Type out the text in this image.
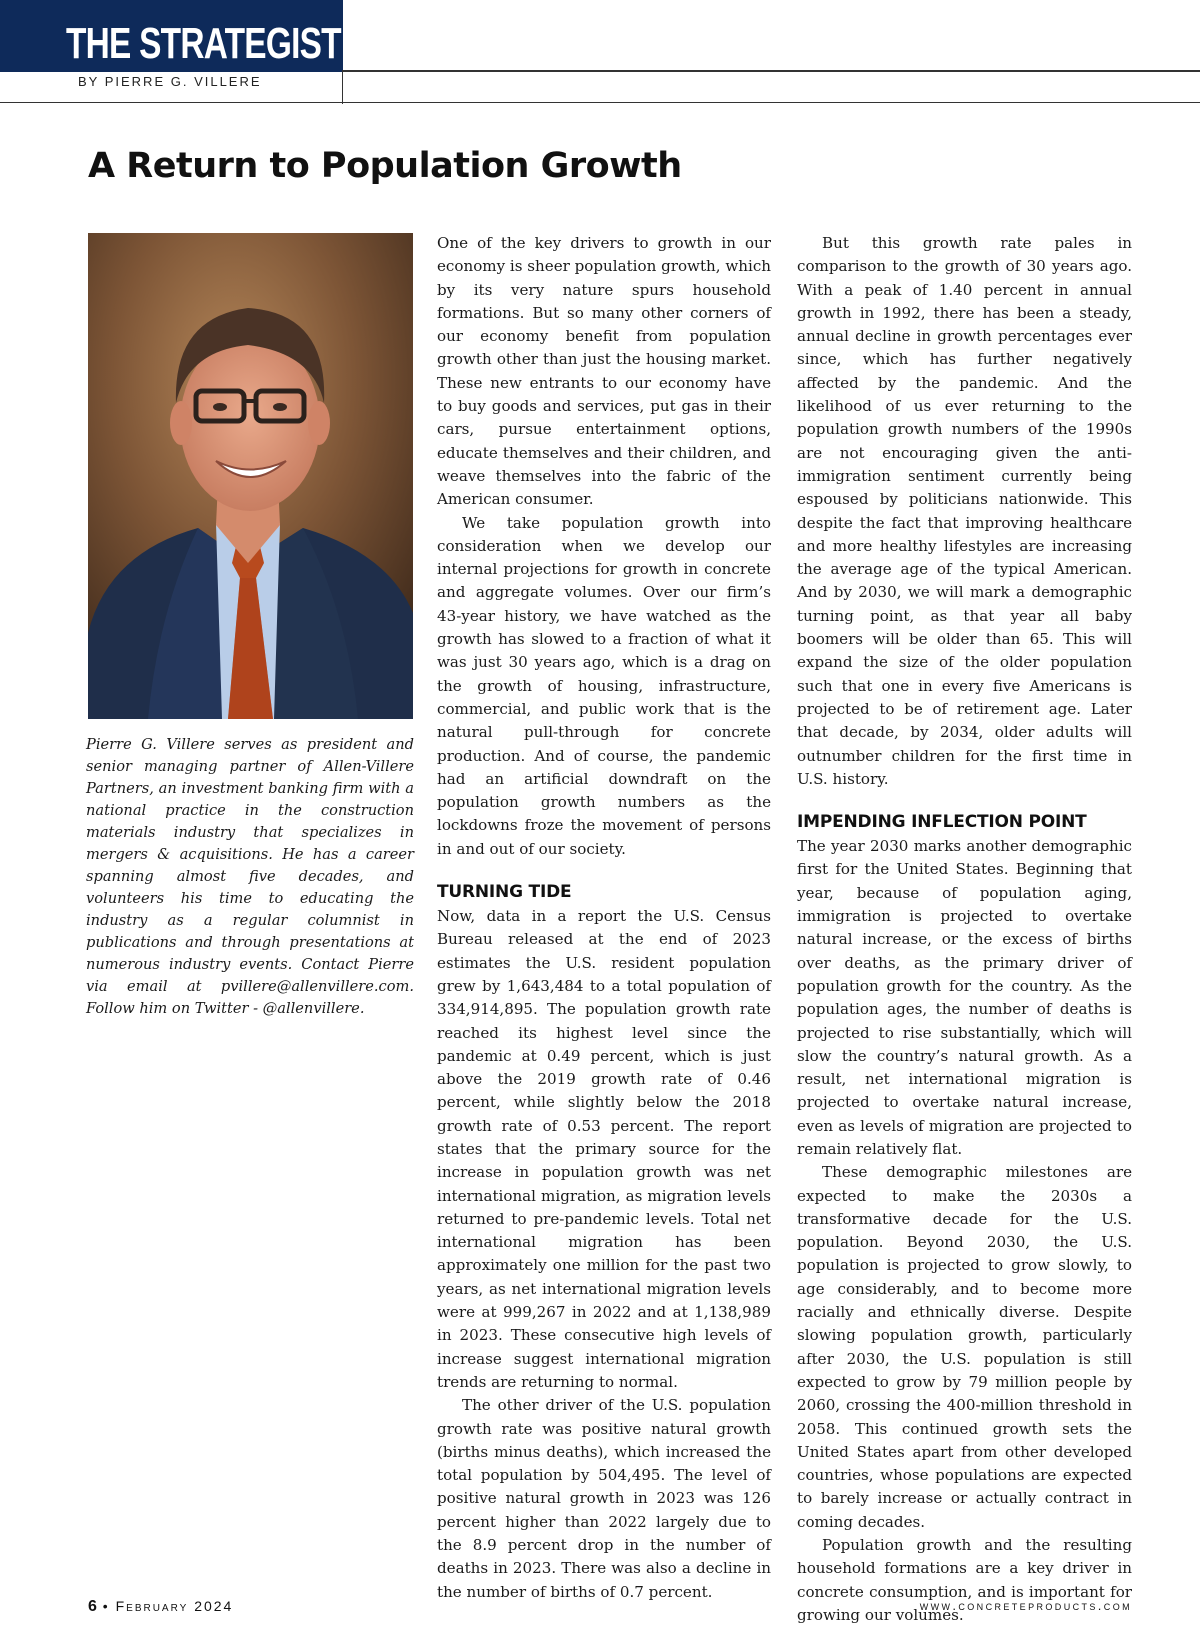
THE STRATEGIST
BY PIERRE G. VILLERE
A Return to Population Growth

Pierre G. Villere serves as president and senior managing partner of Allen-Villere Partners, an investment banking firm with a national practice in the construction materials industry that specializes in mergers & acquisitions. He has a career spanning almost five decades, and volunteers his time to educating the industry as a regular columnist in publications and through presentations at numerous industry events. Contact Pierre via email at pvillere@allenvillere.com. Follow him on Twitter - @allenvillere.

One of the key drivers to growth in our economy is sheer population growth, which by its very nature spurs household formations. But so many other corners of our economy benefit from population growth other than just the housing market. These new entrants to our economy have to buy goods and services, put gas in their cars, pursue entertainment options, educate themselves and their children, and weave themselves into the fabric of the American consumer.

We take population growth into consideration when we develop our internal projections for growth in concrete and aggregate volumes. Over our firm’s 43-year history, we have watched as the growth has slowed to a fraction of what it was just 30 years ago, which is a drag on the growth of housing, infrastructure, commercial, and public work that is the natural pull-through for concrete production. And of course, the pandemic had an artificial downdraft on the population growth numbers as the lockdowns froze the movement of persons in and out of our society.

TURNING TIDE

Now, data in a report the U.S. Census Bureau released at the end of 2023 estimates the U.S. resident population grew by 1,643,484 to a total population of 334,914,895. The population growth rate reached its highest level since the pandemic at 0.49 percent, which is just above the 2019 growth rate of 0.46 percent, while slightly below the 2018 growth rate of 0.53 percent. The report states that the primary source for the increase in population growth was net international migration, as migration levels returned to pre-pandemic levels. Total net international migration has been approximately one million for the past two years, as net international migration levels were at 999,267 in 2022 and at 1,138,989 in 2023. These consecutive high levels of increase suggest international migration trends are returning to normal.

The other driver of the U.S. population growth rate was positive natural growth (births minus deaths), which increased the total population by 504,495. The level of positive natural growth in 2023 was 126 percent higher than 2022 largely due to the 8.9 percent drop in the number of deaths in 2023. There was also a decline in the number of births of 0.7 percent.

But this growth rate pales in comparison to the growth of 30 years ago. With a peak of 1.40 percent in annual growth in 1992, there has been a steady, annual decline in growth percentages ever since, which has further negatively affected by the pandemic. And the likelihood of us ever returning to the population growth numbers of the 1990s are not encouraging given the anti-immigration sentiment currently being espoused by politicians nationwide. This despite the fact that improving healthcare and more healthy lifestyles are increasing the average age of the typical American. And by 2030, we will mark a demographic turning point, as that year all baby boomers will be older than 65. This will expand the size of the older population such that one in every five Americans is projected to be of retirement age. Later that decade, by 2034, older adults will outnumber children for the first time in U.S. history.

IMPENDING INFLECTION POINT

The year 2030 marks another demographic first for the United States. Beginning that year, because of population aging, immigration is projected to overtake natural increase, or the excess of births over deaths, as the primary driver of population growth for the country. As the population ages, the number of deaths is projected to rise substantially, which will slow the country’s natural growth. As a result, net international migration is projected to overtake natural increase, even as levels of migration are projected to remain relatively flat.

These demographic milestones are expected to make the 2030s a transformative decade for the U.S. population. Beyond 2030, the U.S. population is projected to grow slowly, to age considerably, and to become more racially and ethnically diverse. Despite slowing population growth, particularly after 2030, the U.S. population is still expected to grow by 79 million people by 2060, crossing the 400-million threshold in 2058. This continued growth sets the United States apart from other developed countries, whose populations are expected to barely increase or actually contract in coming decades.

Population growth and the resulting household formations are a key driver in concrete consumption, and is important for growing our volumes.

6 • February 2024	www.concreteproducts.com
